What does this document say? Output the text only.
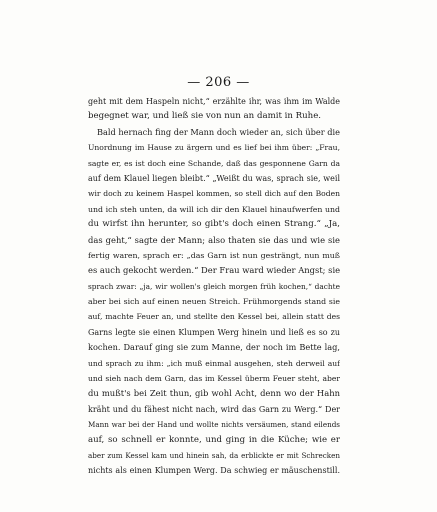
— 206 —
geht mit dem Haspeln nicht,“ erzählte ihr, was ihm im Walde
begegnet war, und ließ sie von nun an damit in Ruhe.
Bald hernach fing der Mann doch wieder an, sich über die
Unordnung im Hause zu ärgern und es lief bei ihm über: „Frau,
sagte er, es ist doch eine Schande, daß das gesponnene Garn da
auf dem Klauel liegen bleibt.“ „Weißt du was, sprach sie, weil
wir doch zu keinem Haspel kommen, so stell dich auf den Boden
und ich steh unten, da will ich dir den Klauel hinaufwerfen und
du wirfst ihn herunter, so gibt's doch einen Strang.“ „Ja,
das geht,“ sagte der Mann; also thaten sie das und wie sie
fertig waren, sprach er: „das Garn ist nun gesträngt, nun muß
es auch gekocht werden.“ Der Frau ward wieder Angst; sie
sprach zwar: „ja, wir wollen's gleich morgen früh kochen,“ dachte
aber bei sich auf einen neuen Streich. Frühmorgends stand sie
auf, machte Feuer an, und stellte den Kessel bei, allein statt des
Garns legte sie einen Klumpen Werg hinein und ließ es so zu
kochen. Darauf ging sie zum Manne, der noch im Bette lag,
und sprach zu ihm: „ich muß einmal ausgehen, steh derweil auf
und sieh nach dem Garn, das im Kessel überm Feuer steht, aber
du mußt's bei Zeit thun, gib wohl Acht, denn wo der Hahn
kräht und du fähest nicht nach, wird das Garn zu Werg.“ Der
Mann war bei der Hand und wollte nichts versäumen, stand eilends
auf, so schnell er konnte, und ging in die Küche; wie er
aber zum Kessel kam und hinein sah, da erblickte er mit Schrecken
nichts als einen Klumpen Werg. Da schwieg er mäuschenstill.
